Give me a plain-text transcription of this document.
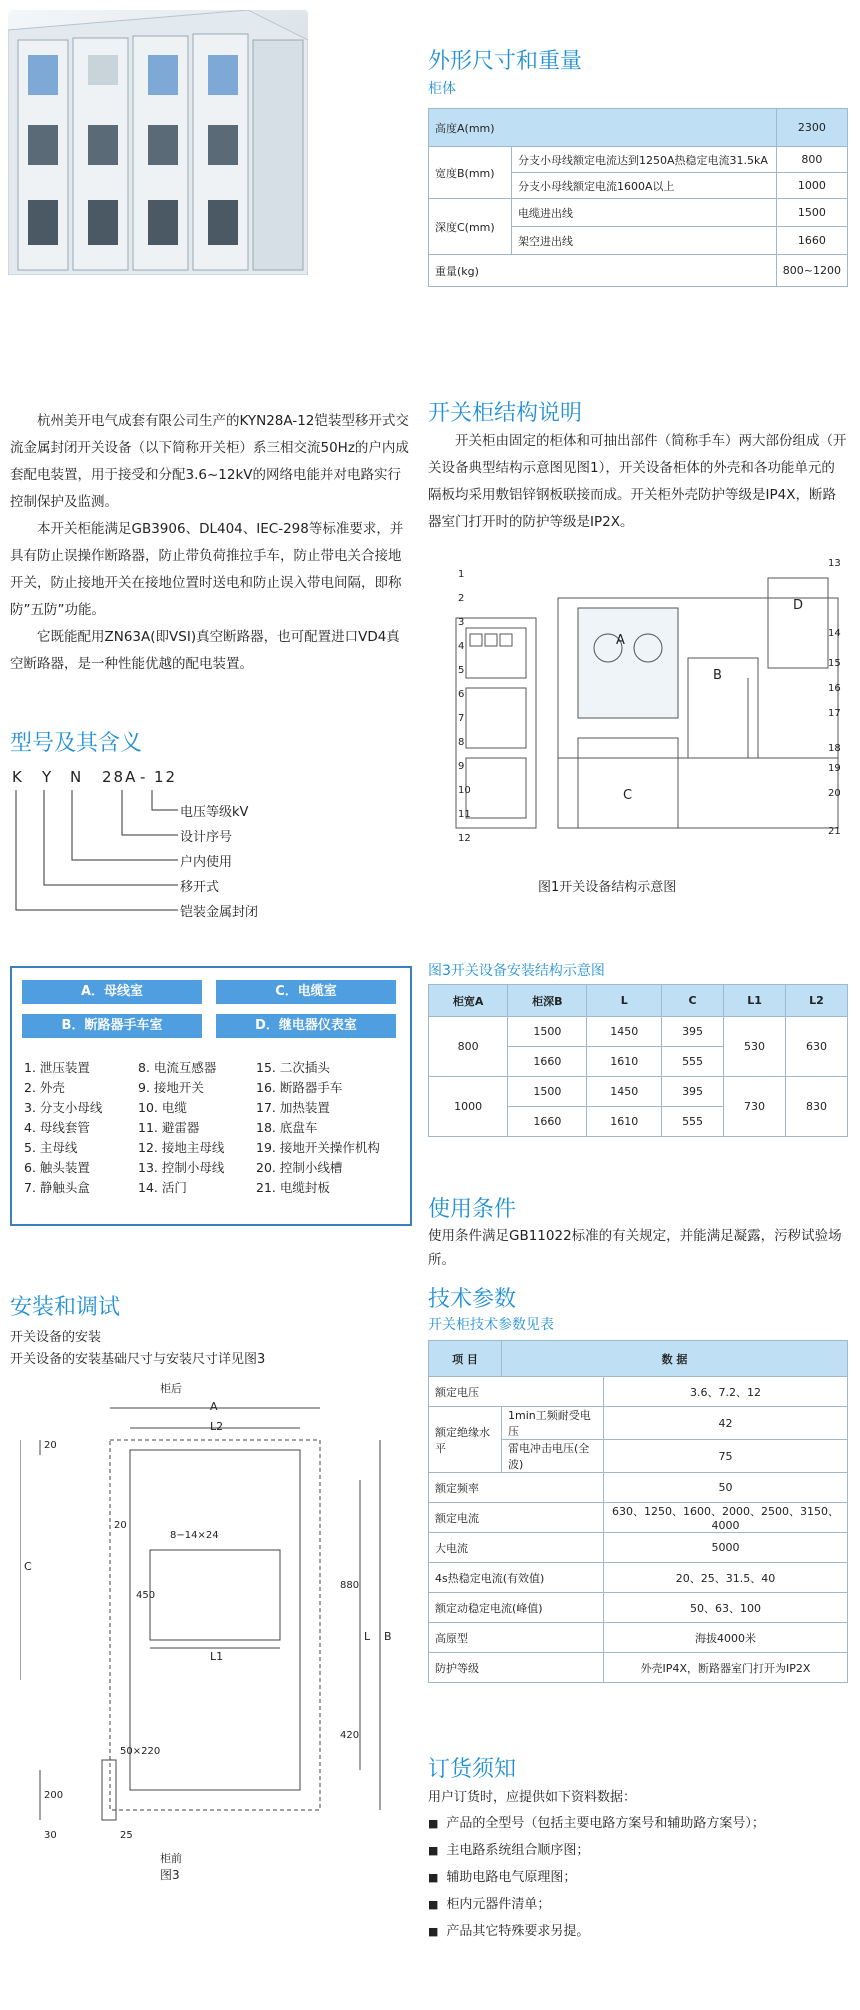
外形尺寸和重量
柜体
高度A(mm)		2300
宽度B(mm)	分支小母线额定电流达到1250A热稳定电流31.5kA	800
	分支小母线额定电流1600A以上	1000
深度C(mm)	电缆进出线	1500
	架空进出线	1660
重量(kg)		800~1200
杭州美开电气成套有限公司生产的KYN28A-12铠装型移开式交流金属封闭开关设备（以下简称开关柜）系三相交流50Hz的户内成套配电装置，用于接受和分配3.6~12kV的网络电能并对电路实行控制保护及监测。
本开关柜能满足GB3906、DL404、IEC-298等标准要求，并具有防止误操作断路器，防止带负荷推拉手车，防止带电关合接地开关，防止接地开关在接地位置时送电和防止误入带电间隔，即称防”五防”功能。
它既能配用ZN63A(即VSI)真空断路器，也可配置进口VD4真空断路器，是一种性能优越的配电装置。
开关柜结构说明
开关柜由固定的柜体和可抽出部件（简称手车）两大部份组成（开关设备典型结构示意图见图1），开关设备柜体的外壳和各功能单元的隔板均采用敷铝锌钢板联接而成。开关柜外壳防护等级是IP4X，断路器室门打开时的防护等级是IP2X。
1
2
3
4
5
6
7
8
9
10
11
12
13
14
15
16
17
18
19
20
21
A
B
C
D
图1开关设备结构示意图
型号及其含义
K Y N 28A - 12
电压等级kV
设计序号
户内使用
移开式
铠装金属封闭
A．母线室	C．电缆室
B．断路器手车室	D．继电器仪表室
1. 泄压装置
2. 外壳
3. 分支小母线
4. 母线套管
5. 主母线
6. 触头装置
7. 静触头盒
8. 电流互感器
9. 接地开关
10. 电缆
11. 避雷器
12. 接地主母线
13. 控制小母线
14. 活门
15. 二次插头
16. 断路器手车
17. 加热装置
18. 底盘车
19. 接地开关操作机构
20. 控制小线槽
21. 电缆封板
图3开关设备安装结构示意图
柜宽A	柜深B	L	C	L1	L2
800	1500	1450	395	530	630
	1660	1610	555		
1000	1500	1450	395	730	830
	1660	1610	555		
使用条件
使用条件满足GB11022标准的有关规定，并能满足凝露，污秽试验场所。
安装和调试
开关设备的安装
开关设备的安装基础尺寸与安装尺寸详见图3
柜后
A
L2
L1
C
B
L
8−14×24
50×220
20
20
450
880
420
200
30	25
柜前
图3
技术参数
开关柜技术参数见表
项 目	数 据	
额定电压		3.6、7.2、12
额定绝缘水平	1min工频耐受电压	42
	雷电冲击电压(全波)	75
额定频率		50
额定电流		630、1250、1600、2000、2500、3150、4000
大电流		5000
4s热稳定电流(有效值)		20、25、31.5、40
额定动稳定电流(峰值)		50、63、100
高原型		海拔4000米
防护等级		外壳IP4X，断路器室门打开为IP2X
订货须知
用户订货时，应提供如下资料数据：
■ 产品的全型号（包括主要电路方案号和辅助路方案号）；
■ 主电路系统组合顺序图；
■ 辅助电路电气原理图；
■ 柜内元器件清单；
■ 产品其它特殊要求另提。
